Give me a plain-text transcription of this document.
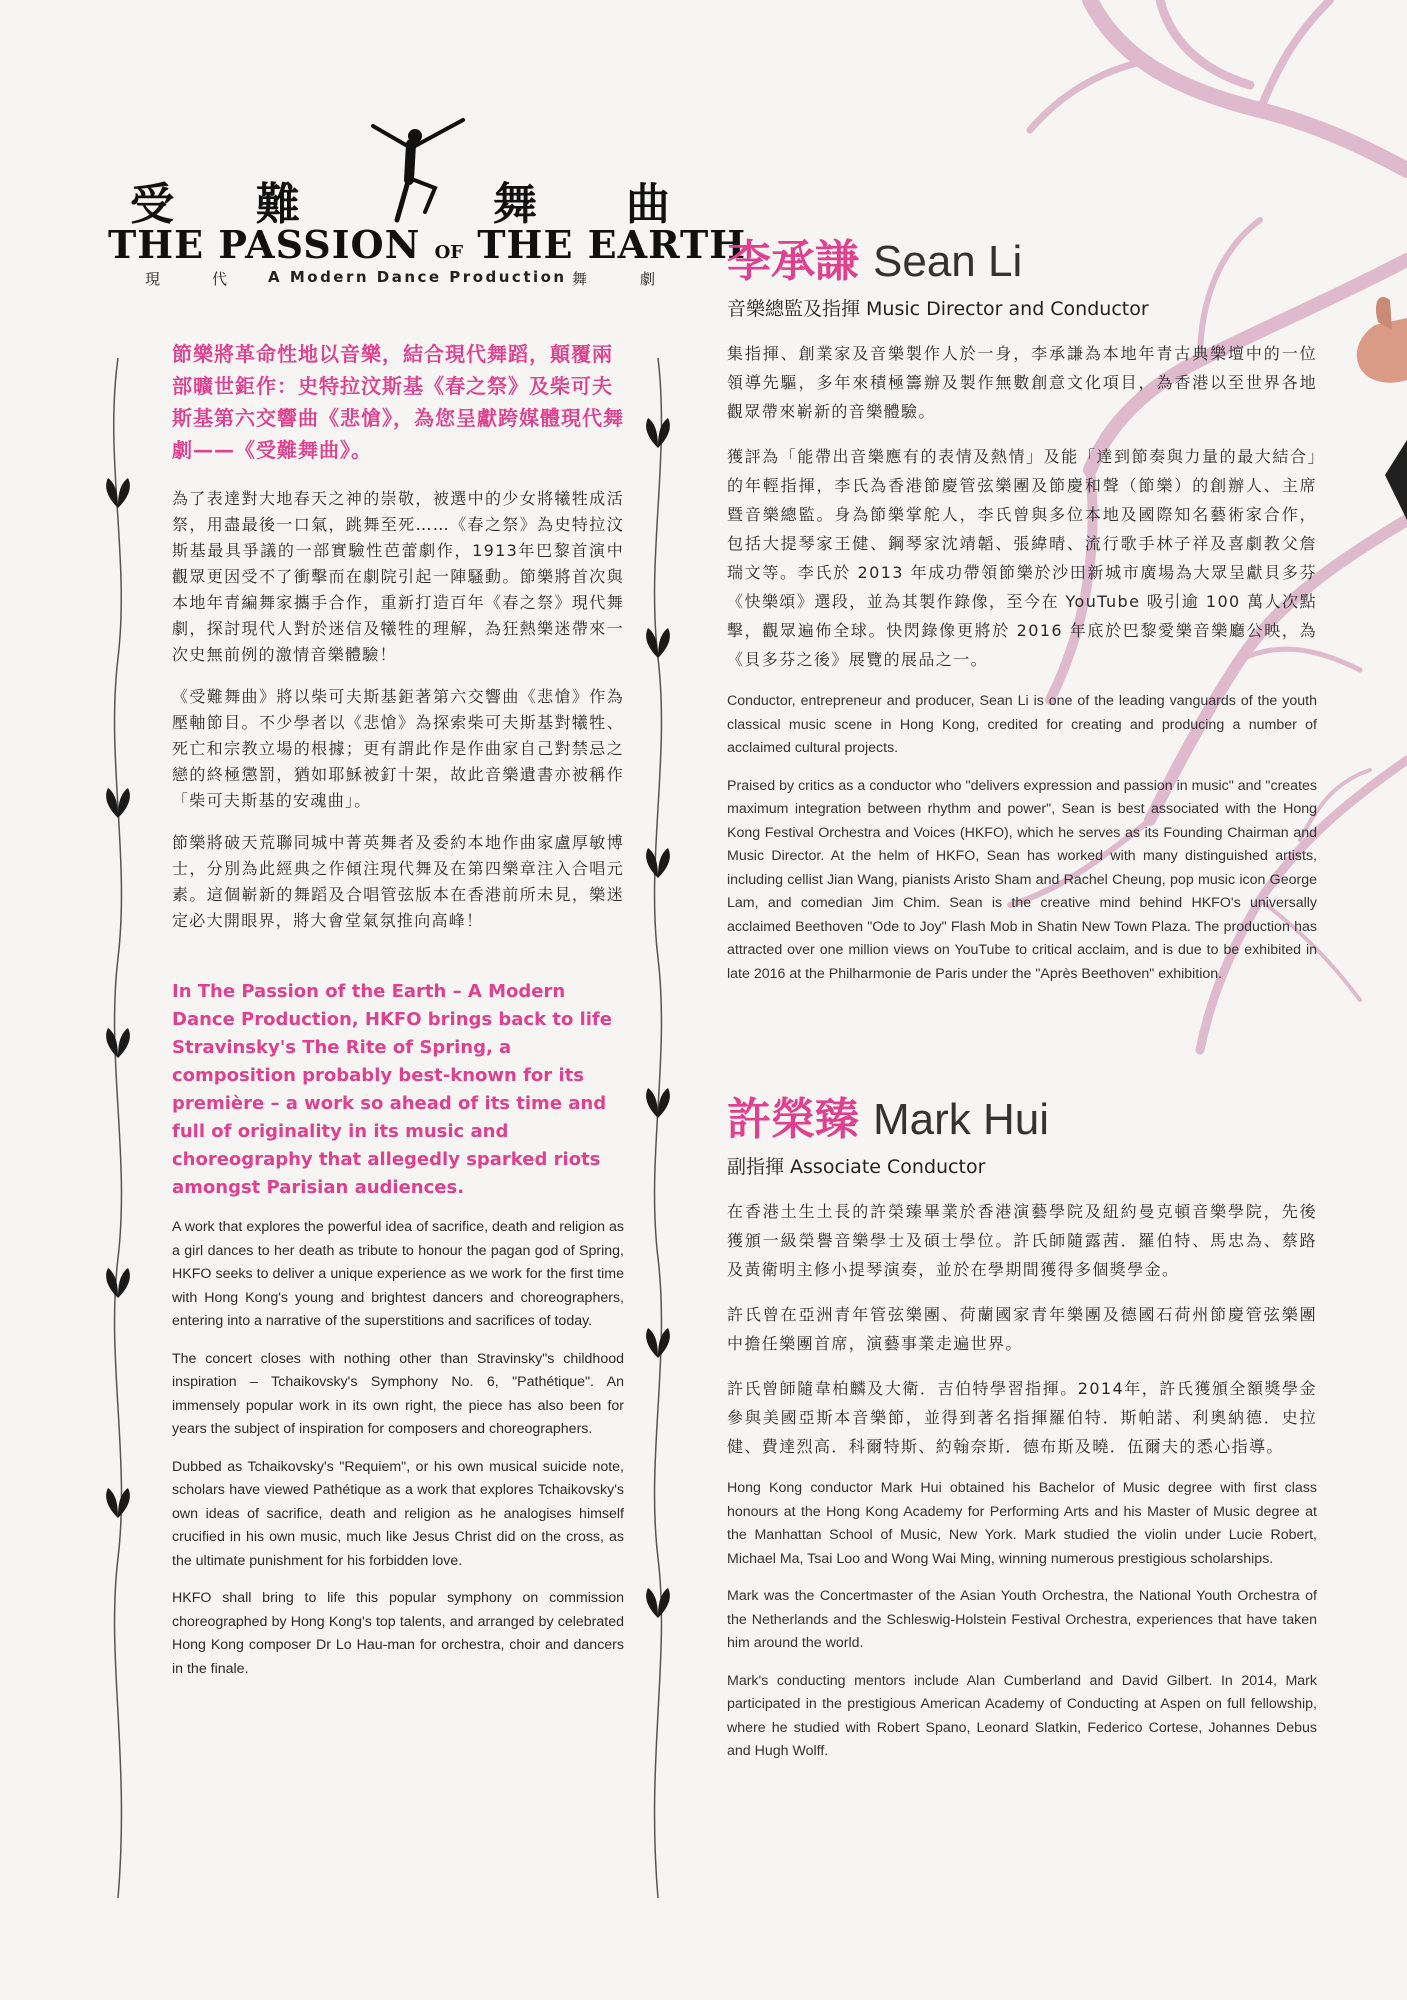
受 難	舞 曲
THE PASSION OF THE EARTH
現	代	A Modern Dance Production 舞	劇

節樂將革命性地以音樂，結合現代舞蹈，顛覆兩部曠世鉅作：史特拉汶斯基《春之祭》及柴可夫斯基第六交響曲《悲愴》，為您呈獻跨媒體現代舞劇——《受難舞曲》。

為了表達對大地春天之神的崇敬，被選中的少女將犧牲成活祭，用盡最後一口氣，跳舞至死……《春之祭》為史特拉汶斯基最具爭議的一部實驗性芭蕾劇作，1913年巴黎首演中觀眾更因受不了衝擊而在劇院引起一陣騷動。節樂將首次與本地年青編舞家攜手合作，重新打造百年《春之祭》現代舞劇，探討現代人對於迷信及犧牲的理解，為狂熱樂迷帶來一次史無前例的激情音樂體驗！

《受難舞曲》將以柴可夫斯基鉅著第六交響曲《悲愴》作為壓軸節目。不少學者以《悲愴》為探索柴可夫斯基對犧牲、死亡和宗教立場的根據；更有謂此作是作曲家自己對禁忌之戀的終極懲罰，猶如耶穌被釘十架，故此音樂遺書亦被稱作「柴可夫斯基的安魂曲」。

節樂將破天荒聯同城中菁英舞者及委約本地作曲家盧厚敏博士，分別為此經典之作傾注現代舞及在第四樂章注入合唱元素。這個嶄新的舞蹈及合唱管弦版本在香港前所未見，樂迷定必大開眼界，將大會堂氣氛推向高峰！

In The Passion of the Earth – A Modern Dance Production, HKFO brings back to life Stravinsky's The Rite of Spring, a composition probably best-known for its première – a work so ahead of its time and full of originality in its music and choreography that allegedly sparked riots amongst Parisian audiences.

A work that explores the powerful idea of sacrifice, death and religion as a girl dances to her death as tribute to honour the pagan god of Spring, HKFO seeks to deliver a unique experience as we work for the first time with Hong Kong's young and brightest dancers and choreographers, entering into a narrative of the superstitions and sacrifices of today.

The concert closes with nothing other than Stravinsky"s childhood inspiration – Tchaikovsky's Symphony No. 6, "Pathétique". An immensely popular work in its own right, the piece has also been for years the subject of inspiration for composers and choreographers.

Dubbed as Tchaikovsky's "Requiem", or his own musical suicide note, scholars have viewed Pathétique as a work that explores Tchaikovsky's own ideas of sacrifice, death and religion as he analogises himself crucified in his own music, much like Jesus Christ did on the cross, as the ultimate punishment for his forbidden love.

HKFO shall bring to life this popular symphony on commission choreographed by Hong Kong's top talents, and arranged by celebrated Hong Kong composer Dr Lo Hau-man for orchestra, choir and dancers in the finale.

李承謙 Sean Li
音樂總監及指揮 Music Director and Conductor

集指揮、創業家及音樂製作人於一身，李承謙為本地年青古典樂壇中的一位領導先驅，多年來積極籌辦及製作無數創意文化項目，為香港以至世界各地觀眾帶來嶄新的音樂體驗。

獲評為「能帶出音樂應有的表情及熱情」及能「達到節奏與力量的最大結合」的年輕指揮，李氏為香港節慶管弦樂團及節慶和聲（節樂）的創辦人、主席暨音樂總監。身為節樂掌舵人，李氏曾與多位本地及國際知名藝術家合作，包括大提琴家王健、鋼琴家沈靖韜、張緯晴、流行歌手林子祥及喜劇教父詹瑞文等。李氏於 2013 年成功帶領節樂於沙田新城市廣場為大眾呈獻貝多芬《快樂頌》選段，並為其製作錄像，至今在 YouTube 吸引逾 100 萬人次點擊，觀眾遍佈全球。快閃錄像更將於 2016 年底於巴黎愛樂音樂廳公映，為《貝多芬之後》展覽的展品之一。

Conductor, entrepreneur and producer, Sean Li is one of the leading vanguards of the youth classical music scene in Hong Kong, credited for creating and producing a number of acclaimed cultural projects.

Praised by critics as a conductor who "delivers expression and passion in music" and "creates maximum integration between rhythm and power", Sean is best associated with the Hong Kong Festival Orchestra and Voices (HKFO), which he serves as its Founding Chairman and Music Director. At the helm of HKFO, Sean has worked with many distinguished artists, including cellist Jian Wang, pianists Aristo Sham and Rachel Cheung, pop music icon George Lam, and comedian Jim Chim. Sean is the creative mind behind HKFO's universally acclaimed Beethoven "Ode to Joy" Flash Mob in Shatin New Town Plaza. The production has attracted over one million views on YouTube to critical acclaim, and is due to be exhibited in late 2016 at the Philharmonie de Paris under the "Après Beethoven" exhibition.

許榮臻 Mark Hui
副指揮 Associate Conductor

在香港土生土長的許榮臻畢業於香港演藝學院及紐約曼克頓音樂學院，先後獲頒一級榮譽音樂學士及碩士學位。許氏師隨露茜．羅伯特、馬忠為、蔡路及黃衛明主修小提琴演奏，並於在學期間獲得多個獎學金。

許氏曾在亞洲青年管弦樂團、荷蘭國家青年樂團及德國石荷州節慶管弦樂團中擔任樂團首席，演藝事業走遍世界。

許氏曾師隨韋柏麟及大衛．吉伯特學習指揮。2014年，許氏獲頒全額獎學金參與美國亞斯本音樂節，並得到著名指揮羅伯特．斯帕諾、利奧納德．史拉健、費達烈高．科爾特斯、約翰奈斯．德布斯及曉．伍爾夫的悉心指導。

Hong Kong conductor Mark Hui obtained his Bachelor of Music degree with first class honours at the Hong Kong Academy for Performing Arts and his Master of Music degree at the Manhattan School of Music, New York. Mark studied the violin under Lucie Robert, Michael Ma, Tsai Loo and Wong Wai Ming, winning numerous prestigious scholarships.

Mark was the Concertmaster of the Asian Youth Orchestra, the National Youth Orchestra of the Netherlands and the Schleswig-Holstein Festival Orchestra, experiences that have taken him around the world.

Mark's conducting mentors include Alan Cumberland and David Gilbert. In 2014, Mark participated in the prestigious American Academy of Conducting at Aspen on full fellowship, where he studied with Robert Spano, Leonard Slatkin, Federico Cortese, Johannes Debus and Hugh Wolff.
